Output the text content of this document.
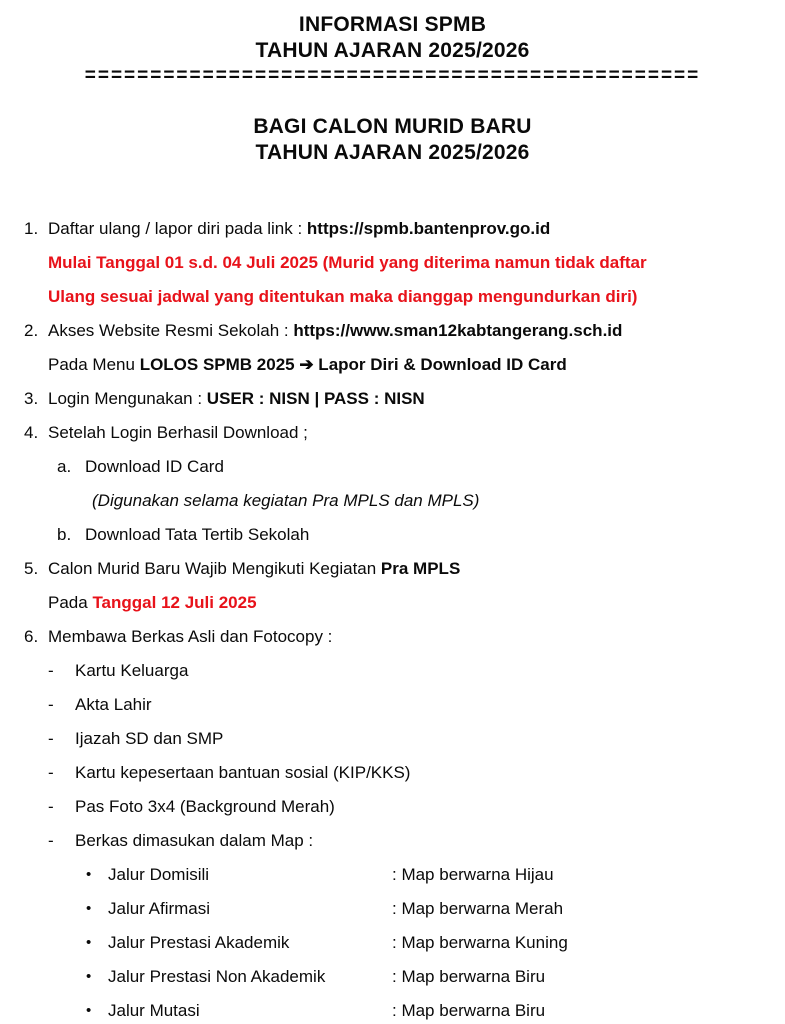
INFORMASI SPMB
TAHUN AJARAN 2025/2026
===============================================
BAGI CALON MURID BARU
TAHUN AJARAN 2025/2026
1. Daftar ulang / lapor diri pada link : https://spmb.bantenprov.go.id
Mulai Tanggal 01 s.d. 04 Juli 2025 (Murid yang diterima namun tidak daftar
Ulang sesuai jadwal yang ditentukan maka dianggap mengundurkan diri)
2. Akses Website Resmi Sekolah : https://www.sman12kabtangerang.sch.id
Pada Menu LOLOS SPMB 2025 ➔ Lapor Diri & Download ID Card
3. Login Mengunakan : USER : NISN | PASS : NISN
4. Setelah Login Berhasil Download ;
a. Download ID Card
(Digunakan selama kegiatan Pra MPLS dan MPLS)
b. Download Tata Tertib Sekolah
5. Calon Murid Baru Wajib Mengikuti Kegiatan Pra MPLS
Pada Tanggal 12 Juli 2025
6. Membawa Berkas Asli dan Fotocopy :
-	Kartu Keluarga
-	Akta Lahir
-	Ijazah SD dan SMP
-	Kartu kepesertaan bantuan sosial (KIP/KKS)
-	Pas Foto 3x4 (Background Merah)
-	Berkas dimasukan dalam Map :
• Jalur Domisili	: Map berwarna Hijau
• Jalur Afirmasi	: Map berwarna Merah
• Jalur Prestasi Akademik	: Map berwarna Kuning
• Jalur Prestasi Non Akademik	: Map berwarna Biru
• Jalur Mutasi	: Map berwarna Biru
